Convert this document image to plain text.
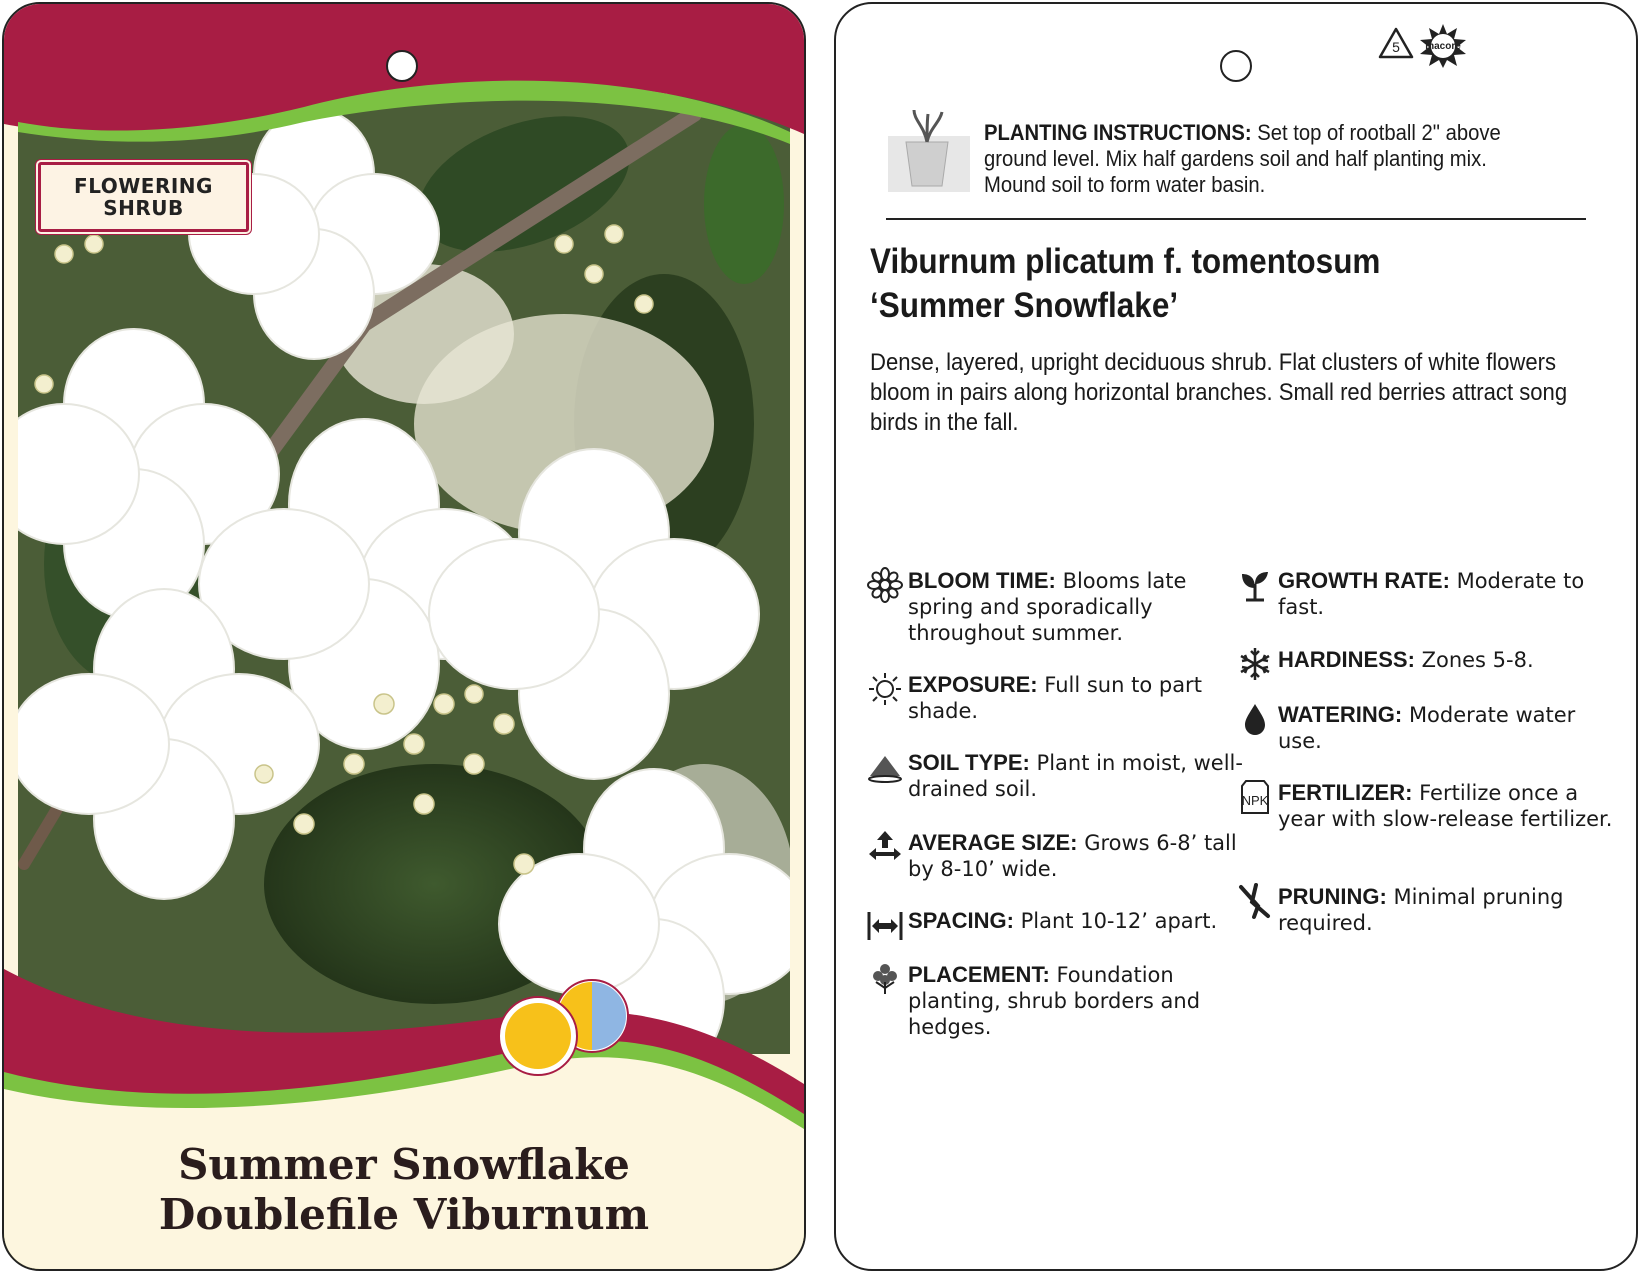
FLOWERING
SHRUB
Summer Snowflake
Doublefile Viburnum
5	macore
PLANTING INSTRUCTIONS: Set top of rootball 2" above ground level. Mix half gardens soil and half planting mix. Mound soil to form water basin.
Viburnum plicatum f. tomentosum
‘Summer Snowflake’
Dense, layered, upright deciduous shrub. Flat clusters of white flowers bloom in pairs along horizontal branches. Small red berries attract song birds in the fall.
BLOOM TIME: Blooms late spring and sporadically throughout summer.
EXPOSURE: Full sun to part shade.
SOIL TYPE: Plant in moist, well-drained soil.
AVERAGE SIZE: Grows 6-8’ tall by 8-10’ wide.
SPACING: Plant 10-12’ apart.
PLACEMENT: Foundation planting, shrub borders and hedges.
GROWTH RATE: Moderate to fast.
HARDINESS: Zones 5-8.
WATERING: Moderate water use.
NPK FERTILIZER: Fertilize once a year with slow-release fertilizer.
PRUNING: Minimal pruning required.
